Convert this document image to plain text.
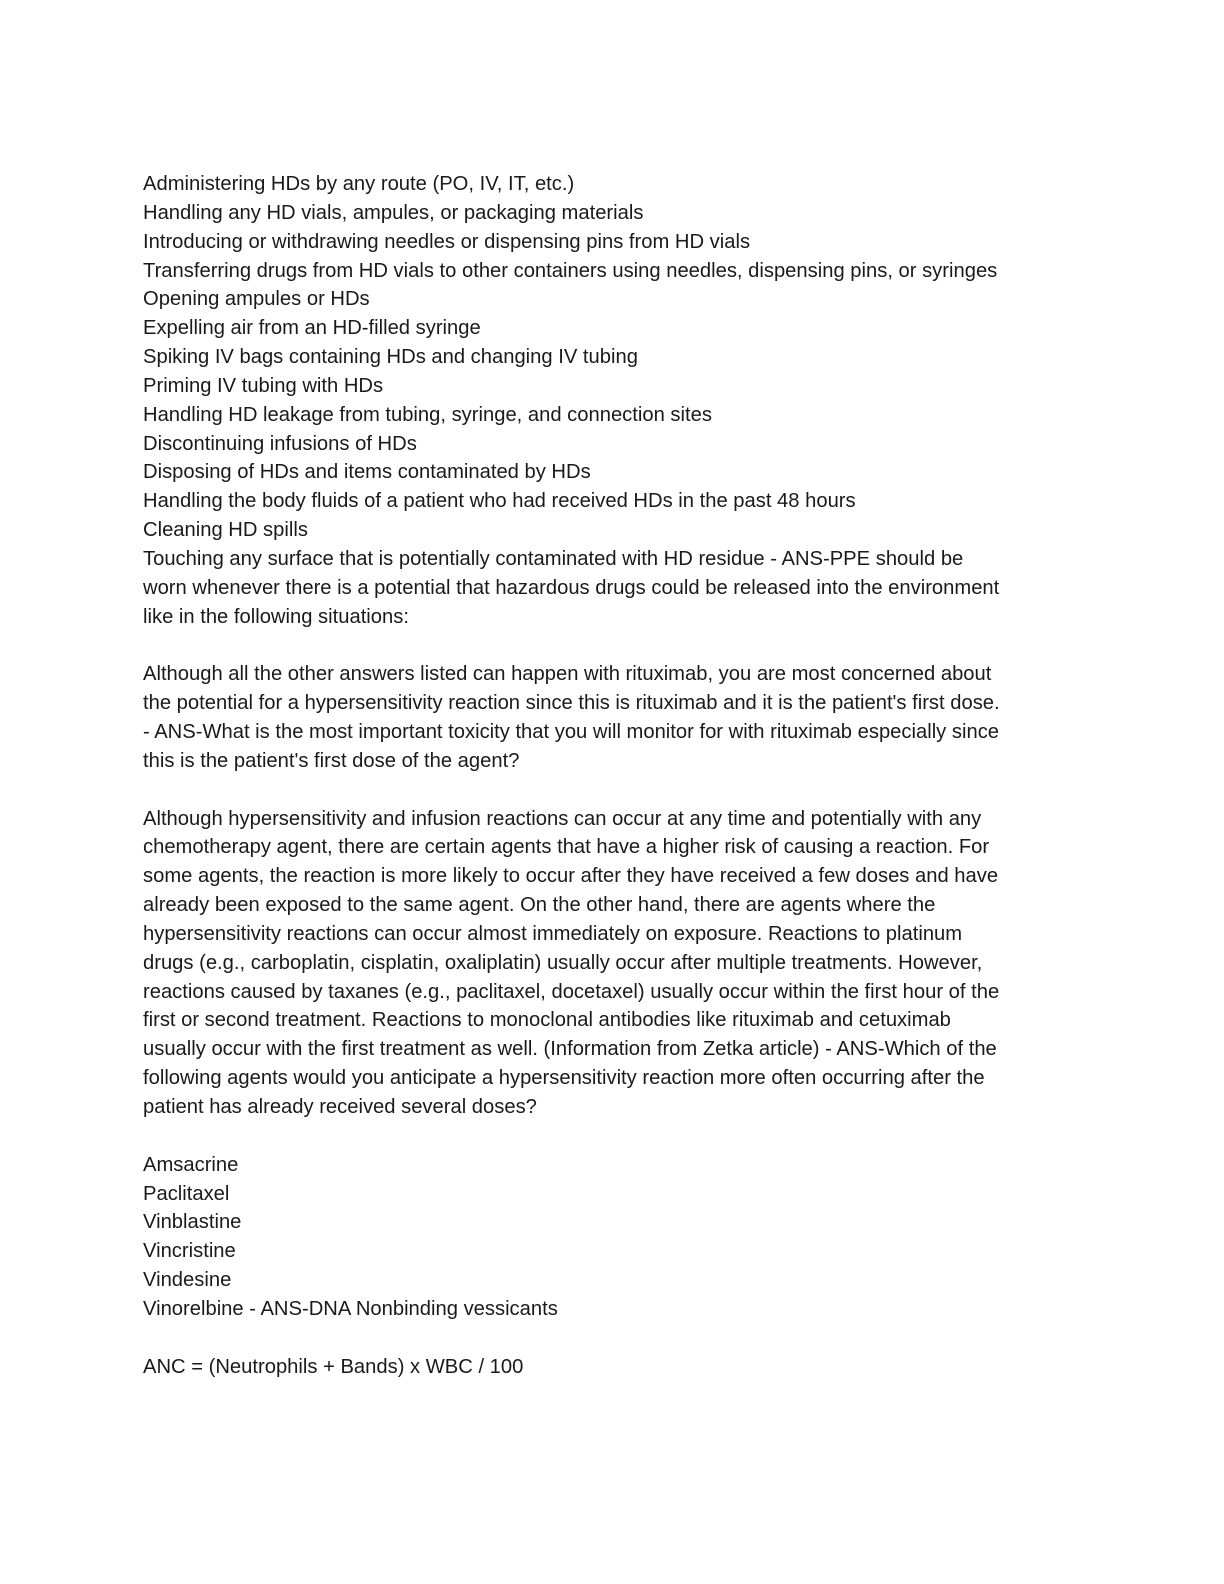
Administering HDs by any route (PO, IV, IT, etc.)
Handling any HD vials, ampules, or packaging materials
Introducing or withdrawing needles or dispensing pins from HD vials
Transferring drugs from HD vials to other containers using needles, dispensing pins, or syringes
Opening ampules or HDs
Expelling air from an HD-filled syringe
Spiking IV bags containing HDs and changing IV tubing
Priming IV tubing with HDs
Handling HD leakage from tubing, syringe, and connection sites
Discontinuing infusions of HDs
Disposing of HDs and items contaminated by HDs
Handling the body fluids of a patient who had received HDs in the past 48 hours
Cleaning HD spills
Touching any surface that is potentially contaminated with HD residue - ANS-PPE should be
worn whenever there is a potential that hazardous drugs could be released into the environment
like in the following situations:
Although all the other answers listed can happen with rituximab, you are most concerned about
the potential for a hypersensitivity reaction since this is rituximab and it is the patient's first dose.
- ANS-What is the most important toxicity that you will monitor for with rituximab especially since
this is the patient's first dose of the agent?
Although hypersensitivity and infusion reactions can occur at any time and potentially with any
chemotherapy agent, there are certain agents that have a higher risk of causing a reaction. For
some agents, the reaction is more likely to occur after they have received a few doses and have
already been exposed to the same agent. On the other hand, there are agents where the
hypersensitivity reactions can occur almost immediately on exposure. Reactions to platinum
drugs (e.g., carboplatin, cisplatin, oxaliplatin) usually occur after multiple treatments. However,
reactions caused by taxanes (e.g., paclitaxel, docetaxel) usually occur within the first hour of the
first or second treatment. Reactions to monoclonal antibodies like rituximab and cetuximab
usually occur with the first treatment as well. (Information from Zetka article) - ANS-Which of the
following agents would you anticipate a hypersensitivity reaction more often occurring after the
patient has already received several doses?
Amsacrine
Paclitaxel
Vinblastine
Vincristine
Vindesine
Vinorelbine - ANS-DNA Nonbinding vessicants
ANC = (Neutrophils + Bands) x WBC / 100
